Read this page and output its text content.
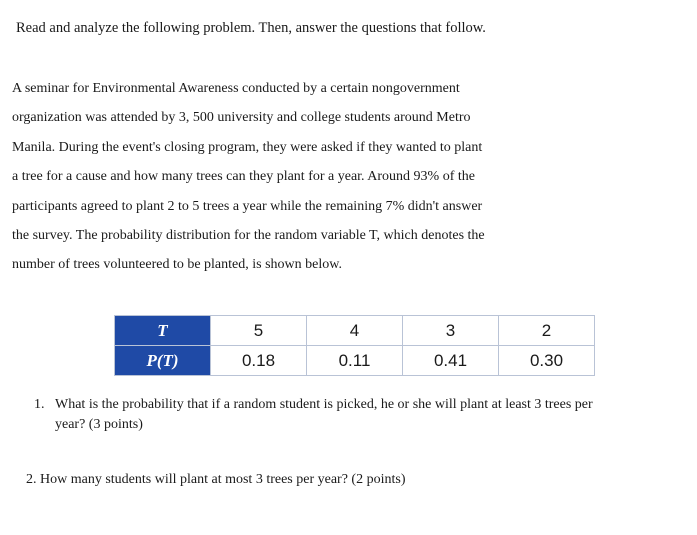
Read and analyze the following problem. Then, answer the questions that follow.
A seminar for Environmental Awareness conducted by a certain nongovernment
organization was attended by 3, 500 university and college students around Metro
Manila. During the event's closing program, they were asked if they wanted to plant
a tree for a cause and how many trees can they plant for a year. Around 93% of the
participants agreed to plant 2 to 5 trees a year while the remaining 7% didn't answer
the survey. The probability distribution for the random variable T, which denotes the
number of trees volunteered to be planted, is shown below.
T	5	4	3	2
P(T)	0.18	0.11	0.41	0.30
1. What is the probability that if a random student is picked, he or she will plant at least 3 trees per
year? (3 points)
2. How many students will plant at most 3 trees per year? (2 points)
